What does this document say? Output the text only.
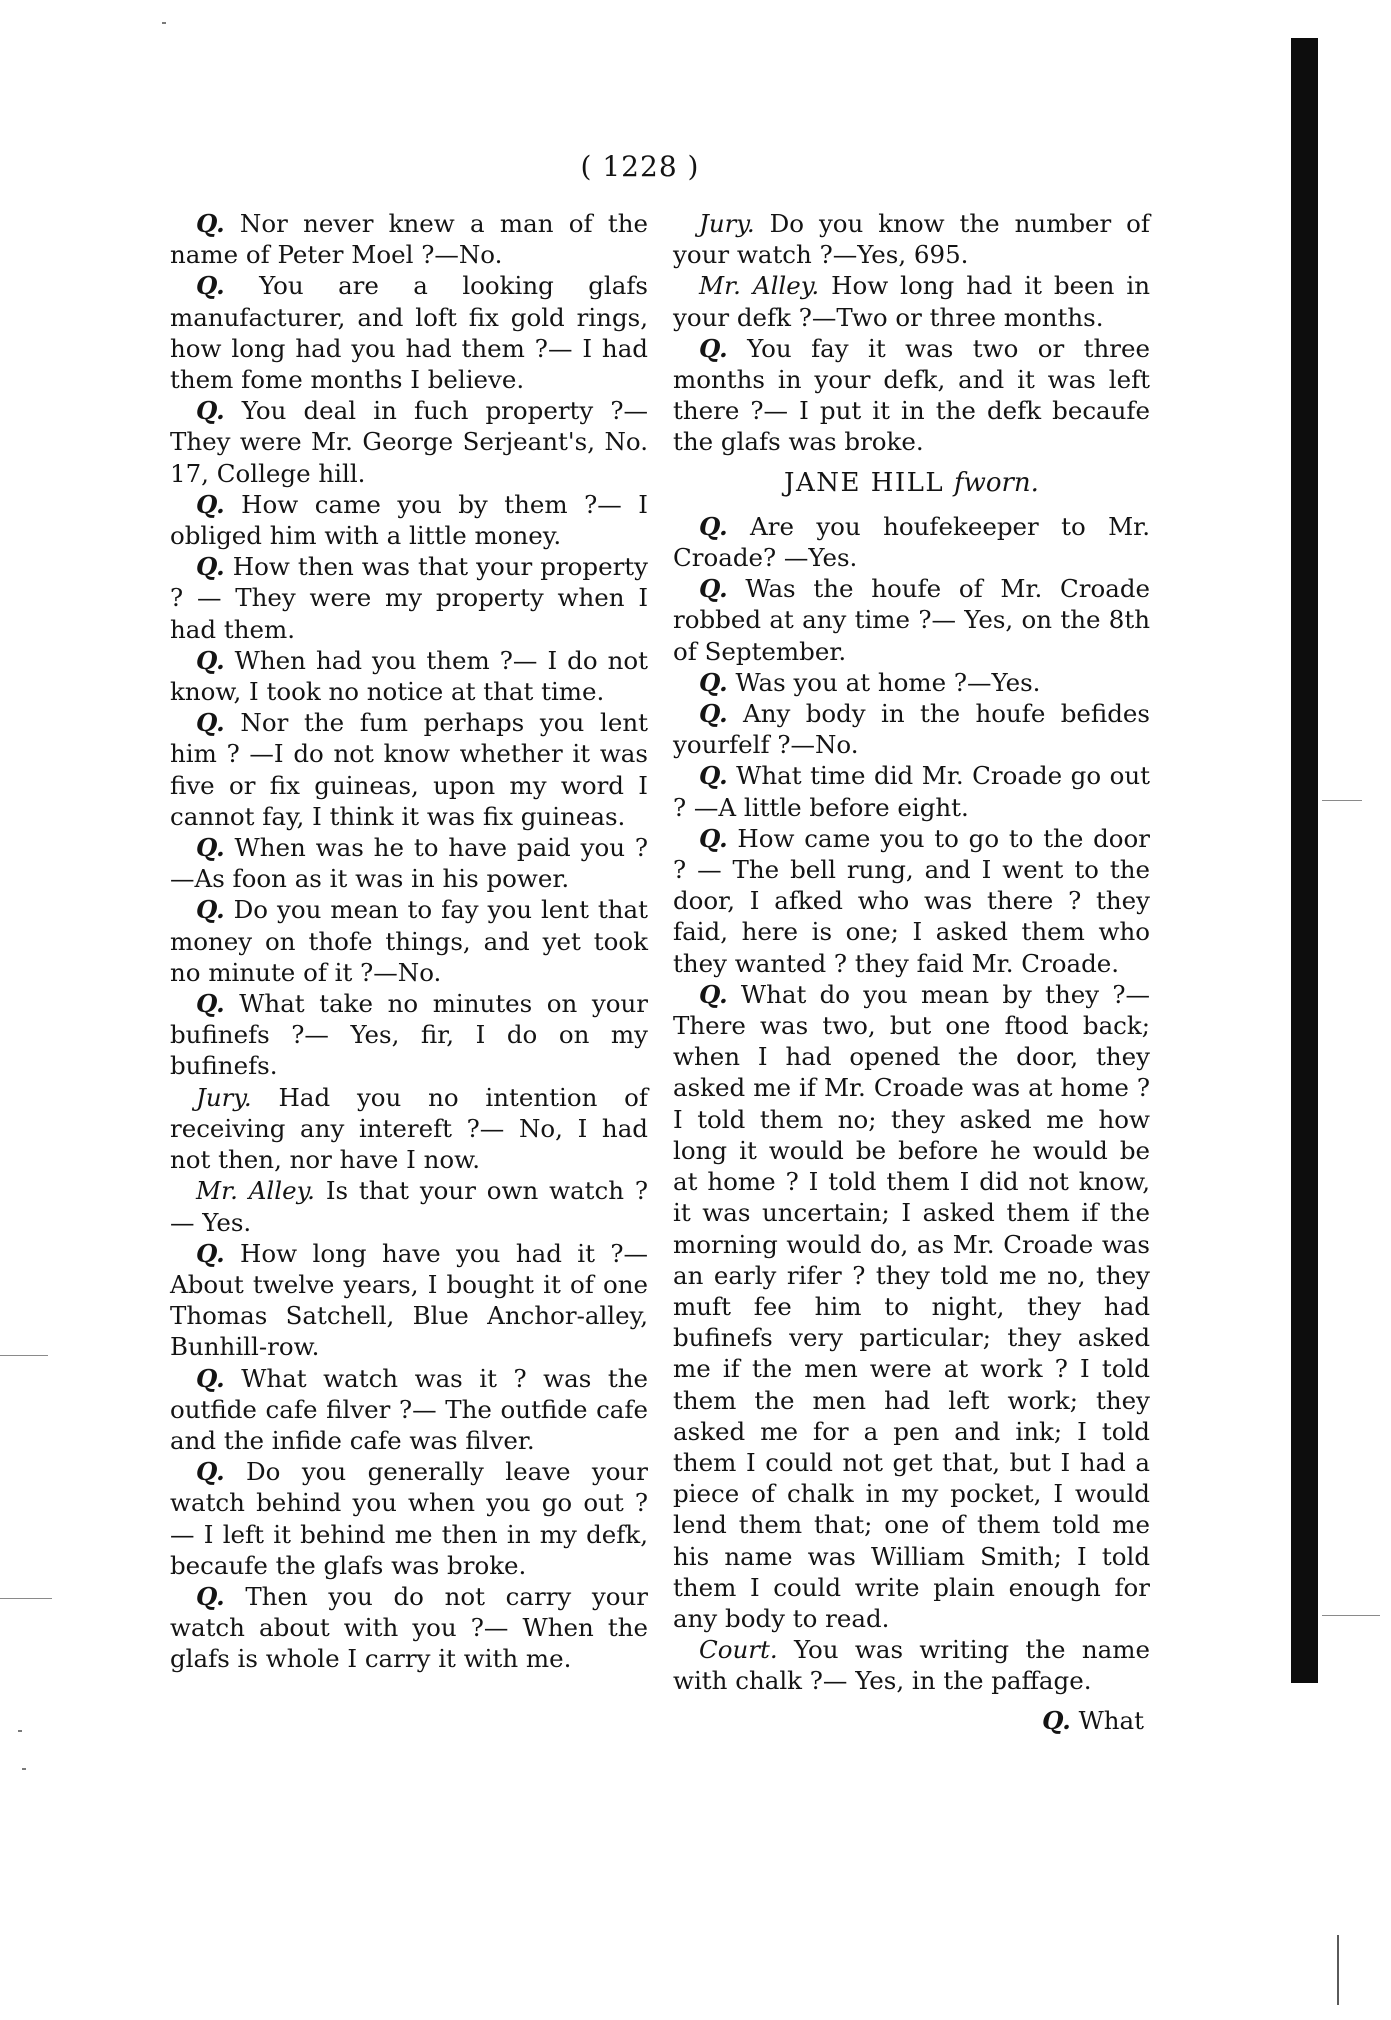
( 1228 )

Q. Nor never knew a man of the name of Peter Moel ?—No.

Q. You are a looking glafs manufacturer, and loft fix gold rings, how long had you had them ?— I had them fome months I believe.

Q. You deal in fuch property ?— They were Mr. George Serjeant's, No. 17, College hill.

Q. How came you by them ?— I obliged him with a little money.

Q. How then was that your property ? — They were my property when I had them.

Q. When had you them ?— I do not know, I took no notice at that time.

Q. Nor the fum perhaps you lent him ? —I do not know whether it was five or fix guineas, upon my word I cannot fay, I think it was fix guineas.

Q. When was he to have paid you ? —As foon as it was in his power.

Q. Do you mean to fay you lent that money on thofe things, and yet took no minute of it ?—No.

Q. What take no minutes on your bufinefs ?— Yes, fir, I do on my bufinefs.

Jury. Had you no intention of receiving any intereft ?— No, I had not then, nor have I now.

Mr. Alley. Is that your own watch ?— Yes.

Q. How long have you had it ?— About twelve years, I bought it of one Thomas Satchell, Blue Anchor-alley, Bunhill-row.

Q. What watch was it ? was the outfide cafe filver ?— The outfide cafe and the infide cafe was filver.

Q. Do you generally leave your watch behind you when you go out ?— I left it behind me then in my defk, becaufe the glafs was broke.

Q. Then you do not carry your watch about with you ?— When the glafs is whole I carry it with me.

Jury. Do you know the number of your watch ?—Yes, 695.

Mr. Alley. How long had it been in your defk ?—Two or three months.

Q. You fay it was two or three months in your defk, and it was left there ?— I put it in the defk becaufe the glafs was broke.

JANE HILL fworn.

Q. Are you houfekeeper to Mr. Croade? —Yes.

Q. Was the houfe of Mr. Croade robbed at any time ?— Yes, on the 8th of September.

Q. Was you at home ?—Yes.

Q. Any body in the houfe befides yourfelf ?—No.

Q. What time did Mr. Croade go out ? —A little before eight.

Q. How came you to go to the door ? — The bell rung, and I went to the door, I afked who was there ? they faid, here is one; I asked them who they wanted ? they faid Mr. Croade.

Q. What do you mean by they ?— There was two, but one ftood back; when I had opened the door, they asked me if Mr. Croade was at home ? I told them no; they asked me how long it would be before he would be at home ? I told them I did not know, it was uncertain; I asked them if the morning would do, as Mr. Croade was an early rifer ? they told me no, they muft fee him to night, they had bufinefs very particular; they asked me if the men were at work ? I told them the men had left work; they asked me for a pen and ink; I told them I could not get that, but I had a piece of chalk in my pocket, I would lend them that; one of them told me his name was William Smith; I told them I could write plain enough for any body to read.

Court. You was writing the name with chalk ?— Yes, in the paffage.

Q. What
